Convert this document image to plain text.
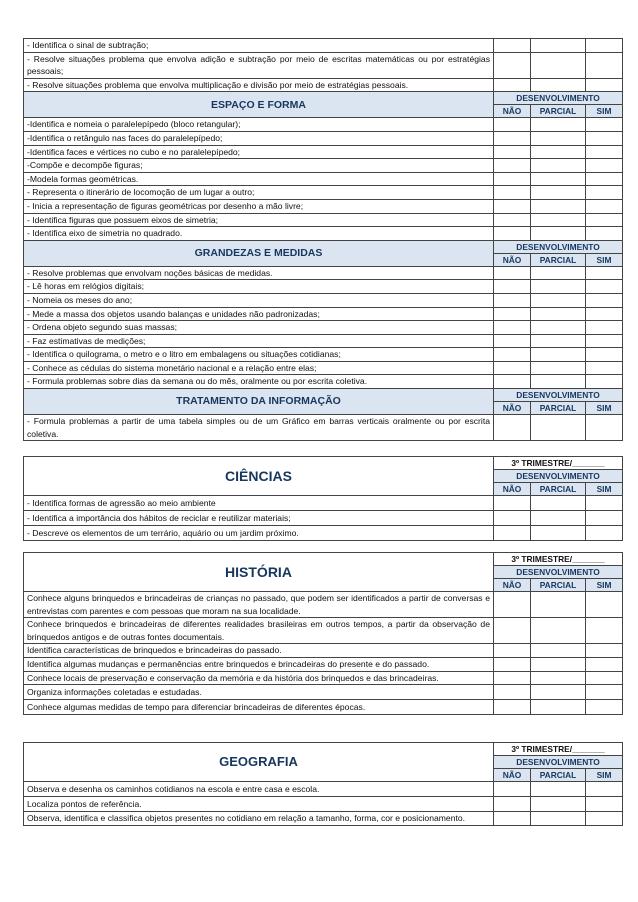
- Identifica o sinal de subtração;			
- Resolve situações problema que envolva adição e subtração por meio de escritas matemáticas ou por estratégias pessoais;			
- Resolve situações problema que envolva multiplicação e divisão por meio de estratégias pessoais.			
ESPAÇO E FORMA	DESENVOLVIMENTO		
	NÃO	PARCIAL	SIM
-Identifica e nomeia o paralelepípedo (bloco retangular);			
-Identifica o retângulo nas faces do paralelepípedo;			
-Identifica faces e vértices no cubo e no paralelepípedo;			
-Compõe e decompõe figuras;			
-Modela formas geométricas.			
- Representa o itinerário de locomoção de um lugar a outro;			
- Inicia a representação de figuras geométricas por desenho a mão livre;			
- Identifica figuras que possuem eixos de simetria;			
- Identifica eixo de simetria no quadrado.			
GRANDEZAS E MEDIDAS	DESENVOLVIMENTO		
	NÃO	PARCIAL	SIM
- Resolve problemas que envolvam noções básicas de medidas.			
- Lê horas em relógios digitais;			
- Nomeia os meses do ano;			
- Mede a massa dos objetos usando balanças e unidades não padronizadas;			
- Ordena objeto segundo suas massas;			
- Faz estimativas de medições;			
- Identifica o quilograma, o metro e o litro em embalagens ou situações cotidianas;			
- Conhece as cédulas do sistema monetário nacional e a relação entre elas;			
- Formula problemas sobre dias da semana ou do mês, oralmente ou por escrita coletiva.			
TRATAMENTO DA INFORMAÇÃO	DESENVOLVIMENTO		
	NÃO	PARCIAL	SIM
- Formula problemas a partir de uma tabela simples ou de um Gráfico em barras verticais oralmente ou por escrita coletiva.			
CIÊNCIAS	3º TRIMESTRE/_______		
	DESENVOLVIMENTO		
	NÃO	PARCIAL	SIM
- Identifica formas de agressão ao meio ambiente			
- Identifica a importância dos hábitos de reciclar e reutilizar materiais;			
- Descreve os elementos de um terrário, aquário ou um jardim próximo.			
HISTÓRIA	3º TRIMESTRE/_______		
	DESENVOLVIMENTO		
	NÃO	PARCIAL	SIM
Conhece alguns brinquedos e brincadeiras de crianças no passado, que podem ser identificados a partir de conversas e entrevistas com parentes e com pessoas que moram na sua localidade.			
Conhece brinquedos e brincadeiras de diferentes realidades brasileiras em outros tempos, a partir da observação de brinquedos antigos e de outras fontes documentais.			
Identifica características de brinquedos e brincadeiras do passado.			
Identifica algumas mudanças e permanências entre brinquedos e brincadeiras do presente e do passado.			
Conhece locais de preservação e conservação da memória e da história dos brinquedos e das brincadeiras.			
Organiza informações coletadas e estudadas.			
Conhece algumas medidas de tempo para diferenciar brincadeiras de diferentes épocas.			
GEOGRAFIA	3º TRIMESTRE/_______		
	DESENVOLVIMENTO		
	NÃO	PARCIAL	SIM
Observa e desenha os caminhos cotidianos na escola e entre casa e escola.			
Localiza pontos de referência.			
Observa, identifica e classifica objetos presentes no cotidiano em relação a tamanho, forma, cor e posicionamento.			
